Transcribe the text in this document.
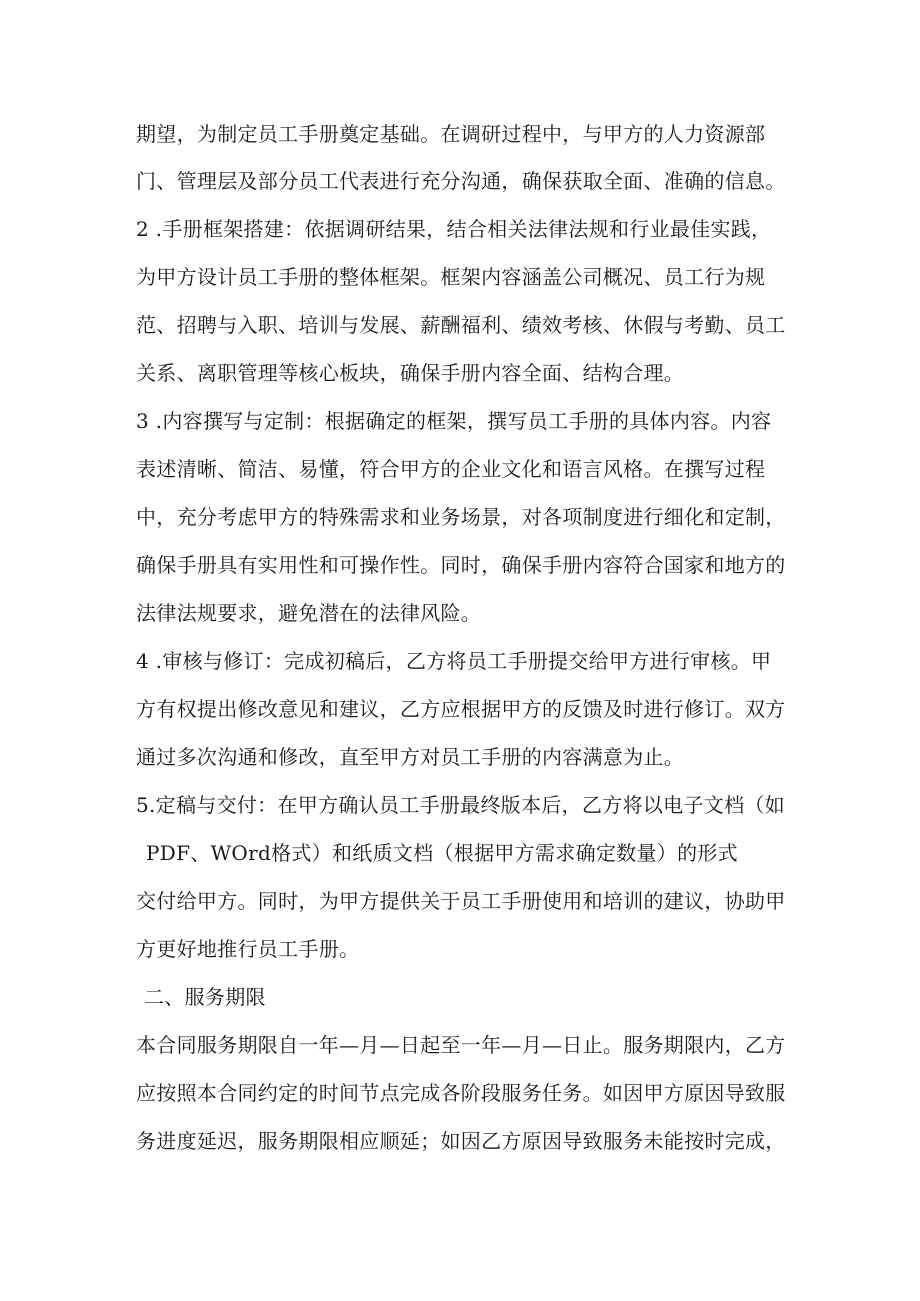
期望，为制定员工手册奠定基础。在调研过程中，与甲方的人力资源部
门、管理层及部分员工代表进行充分沟通，确保获取全面、准确的信息。
2 .手册框架搭建：依据调研结果，结合相关法律法规和行业最佳实践，
为甲方设计员工手册的整体框架。框架内容涵盖公司概况、员工行为规
范、招聘与入职、培训与发展、薪酬福利、绩效考核、休假与考勤、员工
关系、离职管理等核心板块，确保手册内容全面、结构合理。
3 .内容撰写与定制：根据确定的框架，撰写员工手册的具体内容。内容
表述清晰、简洁、易懂，符合甲方的企业文化和语言风格。在撰写过程
中，充分考虑甲方的特殊需求和业务场景，对各项制度进行细化和定制，
确保手册具有实用性和可操作性。同时，确保手册内容符合国家和地方的
法律法规要求，避免潜在的法律风险。
4 .审核与修订：完成初稿后，乙方将员工手册提交给甲方进行审核。甲
方有权提出修改意见和建议，乙方应根据甲方的反馈及时进行修订。双方
通过多次沟通和修改，直至甲方对员工手册的内容满意为止。
5.定稿与交付：在甲方确认员工手册最终版本后，乙方将以电子文档（如
PDF、WOrd格式）和纸质文档（根据甲方需求确定数量）的形式
交付给甲方。同时，为甲方提供关于员工手册使用和培训的建议，协助甲
方更好地推行员工手册。
二、服务期限
本合同服务期限自一年—月—日起至一年—月—日止。服务期限内，乙方
应按照本合同约定的时间节点完成各阶段服务任务。如因甲方原因导致服
务进度延迟，服务期限相应顺延；如因乙方原因导致服务未能按时完成，
